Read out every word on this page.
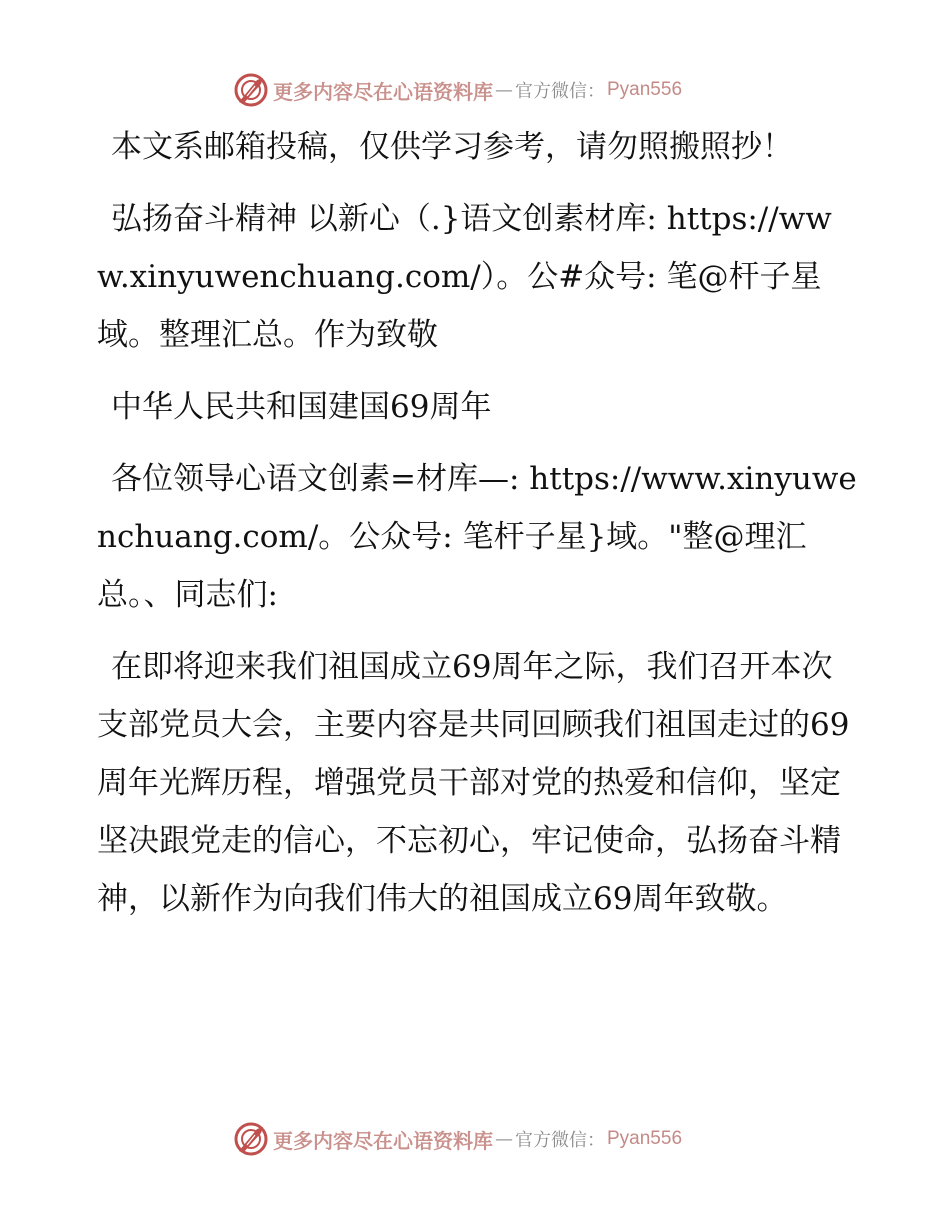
更多内容尽在心语资料库 — 官方微信： Pyan556

本文系邮箱投稿，仅供学习参考，请勿照搬照抄！

弘扬奋斗精神 以新心（.}语文创素材库: https://www.xinyuwenchuang.com/）。公#众号: 笔@杆子星域。整理汇总。作为致敬

中华人民共和国建国69周年

各位领导心语文创素=材库—: https://www.xinyuwenchuang.com/。公众号: 笔杆子星}域。"整@理汇总。、同志们:

在即将迎来我们祖国成立69周年之际，我们召开本次支部党员大会，主要内容是共同回顾我们祖国走过的69周年光辉历程，增强党员干部对党的热爱和信仰，坚定坚决跟党走的信心，不忘初心，牢记使命，弘扬奋斗精神，以新作为向我们伟大的祖国成立69周年致敬。

更多内容尽在心语资料库 — 官方微信： Pyan556
